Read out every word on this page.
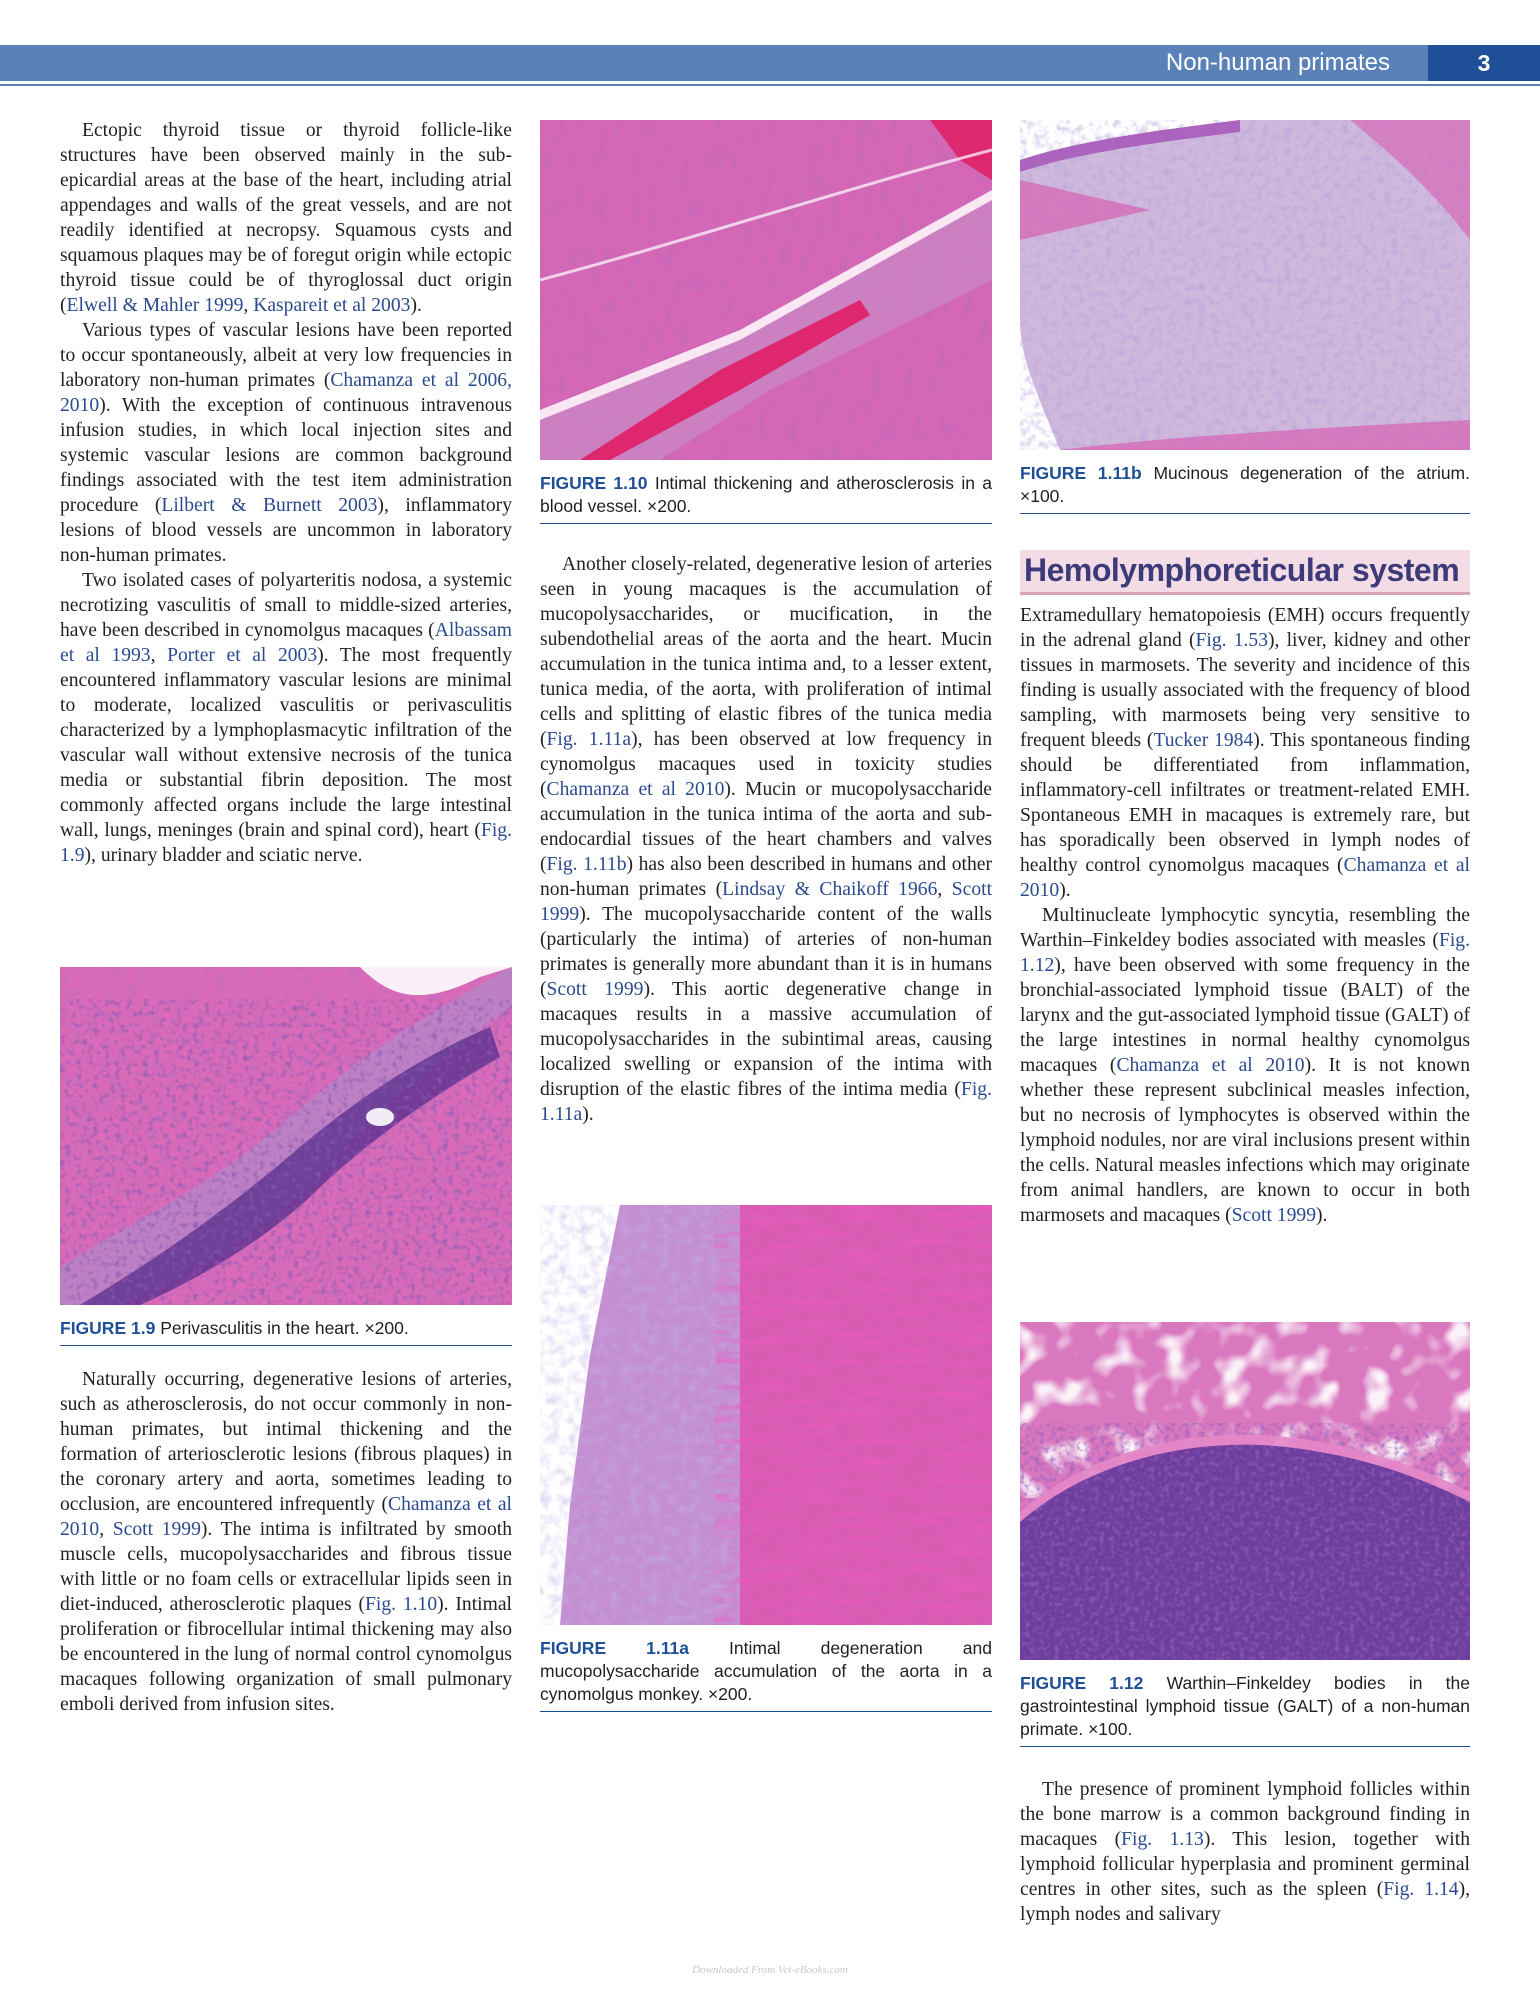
Non-human primates	3

Ectopic thyroid tissue or thyroid follicle-like structures have been observed mainly in the sub-epicardial areas at the base of the heart, including atrial appendages and walls of the great vessels, and are not readily identified at necropsy. Squamous cysts and squamous plaques may be of foregut origin while ectopic thyroid tissue could be of thyroglossal duct origin (Elwell & Mahler 1999, Kaspareit et al 2003).

Various types of vascular lesions have been reported to occur spontaneously, albeit at very low frequencies in laboratory non-human primates (Chamanza et al 2006, 2010). With the exception of continuous intravenous infusion studies, in which local injection sites and systemic vascular lesions are common background findings associated with the test item administration procedure (Lilbert & Burnett 2003), inflammatory lesions of blood vessels are uncommon in laboratory non-human primates.

Two isolated cases of polyarteritis nodosa, a systemic necrotizing vasculitis of small to middle-sized arteries, have been described in cynomolgus macaques (Albassam et al 1993, Porter et al 2003). The most frequently encountered inflammatory vascular lesions are minimal to moderate, localized vasculitis or perivasculitis characterized by a lymphoplasmacytic infiltration of the vascular wall without extensive necrosis of the tunica media or substantial fibrin deposition. The most commonly affected organs include the large intestinal wall, lungs, meninges (brain and spinal cord), heart (Fig. 1.9), urinary bladder and sciatic nerve.

FIGURE 1.9 Perivasculitis in the heart. ×200.

Naturally occurring, degenerative lesions of arteries, such as atherosclerosis, do not occur commonly in non-human primates, but intimal thickening and the formation of arteriosclerotic lesions (fibrous plaques) in the coronary artery and aorta, sometimes leading to occlusion, are encountered infrequently (Chamanza et al 2010, Scott 1999). The intima is infiltrated by smooth muscle cells, mucopolysaccharides and fibrous tissue with little or no foam cells or extracellular lipids seen in diet-induced, atherosclerotic plaques (Fig. 1.10). Intimal proliferation or fibrocellular intimal thickening may also be encountered in the lung of normal control cynomolgus macaques following organization of small pulmonary emboli derived from infusion sites.

FIGURE 1.10 Intimal thickening and atherosclerosis in a blood vessel. ×200.

Another closely-related, degenerative lesion of arteries seen in young macaques is the accumulation of mucopolysaccharides, or mucification, in the subendothelial areas of the aorta and the heart. Mucin accumulation in the tunica intima and, to a lesser extent, tunica media, of the aorta, with proliferation of intimal cells and splitting of elastic fibres of the tunica media (Fig. 1.11a), has been observed at low frequency in cynomolgus macaques used in toxicity studies (Chamanza et al 2010). Mucin or mucopolysaccharide accumulation in the tunica intima of the aorta and sub-endocardial tissues of the heart chambers and valves (Fig. 1.11b) has also been described in humans and other non-human primates (Lindsay & Chaikoff 1966, Scott 1999). The mucopolysaccharide content of the walls (particularly the intima) of arteries of non-human primates is generally more abundant than it is in humans (Scott 1999). This aortic degenerative change in macaques results in a massive accumulation of mucopolysaccharides in the subintimal areas, causing localized swelling or expansion of the intima with disruption of the elastic fibres of the intima media (Fig. 1.11a).

FIGURE 1.11a Intimal degeneration and mucopolysaccharide accumulation of the aorta in a cynomolgus monkey. ×200.
FIGURE 1.11b Mucinous degeneration of the atrium. ×100.
Hemolymphoreticular system

Extramedullary hematopoiesis (EMH) occurs frequently in the adrenal gland (Fig. 1.53), liver, kidney and other tissues in marmosets. The severity and incidence of this finding is usually associated with the frequency of blood sampling, with marmosets being very sensitive to frequent bleeds (Tucker 1984). This spontaneous finding should be differentiated from inflammation, inflammatory-cell infiltrates or treatment-related EMH. Spontaneous EMH in macaques is extremely rare, but has sporadically been observed in lymph nodes of healthy control cynomolgus macaques (Chamanza et al 2010).

Multinucleate lymphocytic syncytia, resembling the Warthin–Finkeldey bodies associated with measles (Fig. 1.12), have been observed with some frequency in the bronchial-associated lymphoid tissue (BALT) of the larynx and the gut-associated lymphoid tissue (GALT) of the large intestines in normal healthy cynomolgus macaques (Chamanza et al 2010). It is not known whether these represent subclinical measles infection, but no necrosis of lymphocytes is observed within the lymphoid nodules, nor are viral inclusions present within the cells. Natural measles infections which may originate from animal handlers, are known to occur in both marmosets and macaques (Scott 1999).

FIGURE 1.12 Warthin–Finkeldey bodies in the gastrointestinal lymphoid tissue (GALT) of a non-human primate. ×100.

The presence of prominent lymphoid follicles within the bone marrow is a common background finding in macaques (Fig. 1.13). This lesion, together with lymphoid follicular hyperplasia and prominent germinal centres in other sites, such as the spleen (Fig. 1.14), lymph nodes and salivary

Downloaded From Vet-eBooks.com
